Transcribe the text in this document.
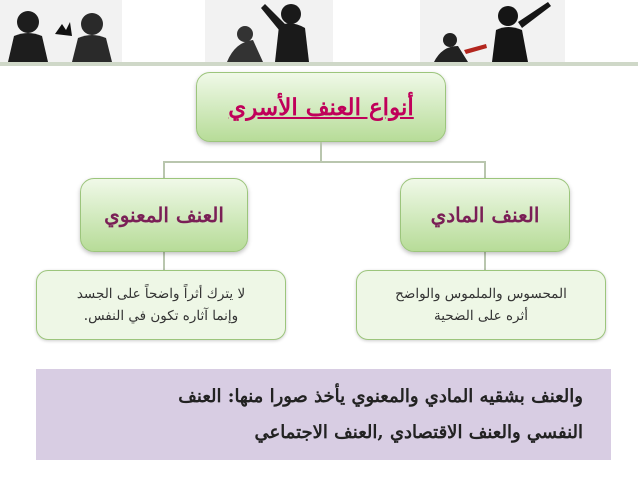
أنواع العنف الأسري
العنف المعنوي	العنف المادي
لا يترك أثراً واضحاً على الجسد
وإنما آثاره تكون في النفس.
المحسوس والملموس والواضح
أثره على الضحية
والعنف بشقيه المادي والمعنوي يأخذ صورا منها: العنف
النفسي والعنف الاقتصادي ,العنف الاجتماعي
